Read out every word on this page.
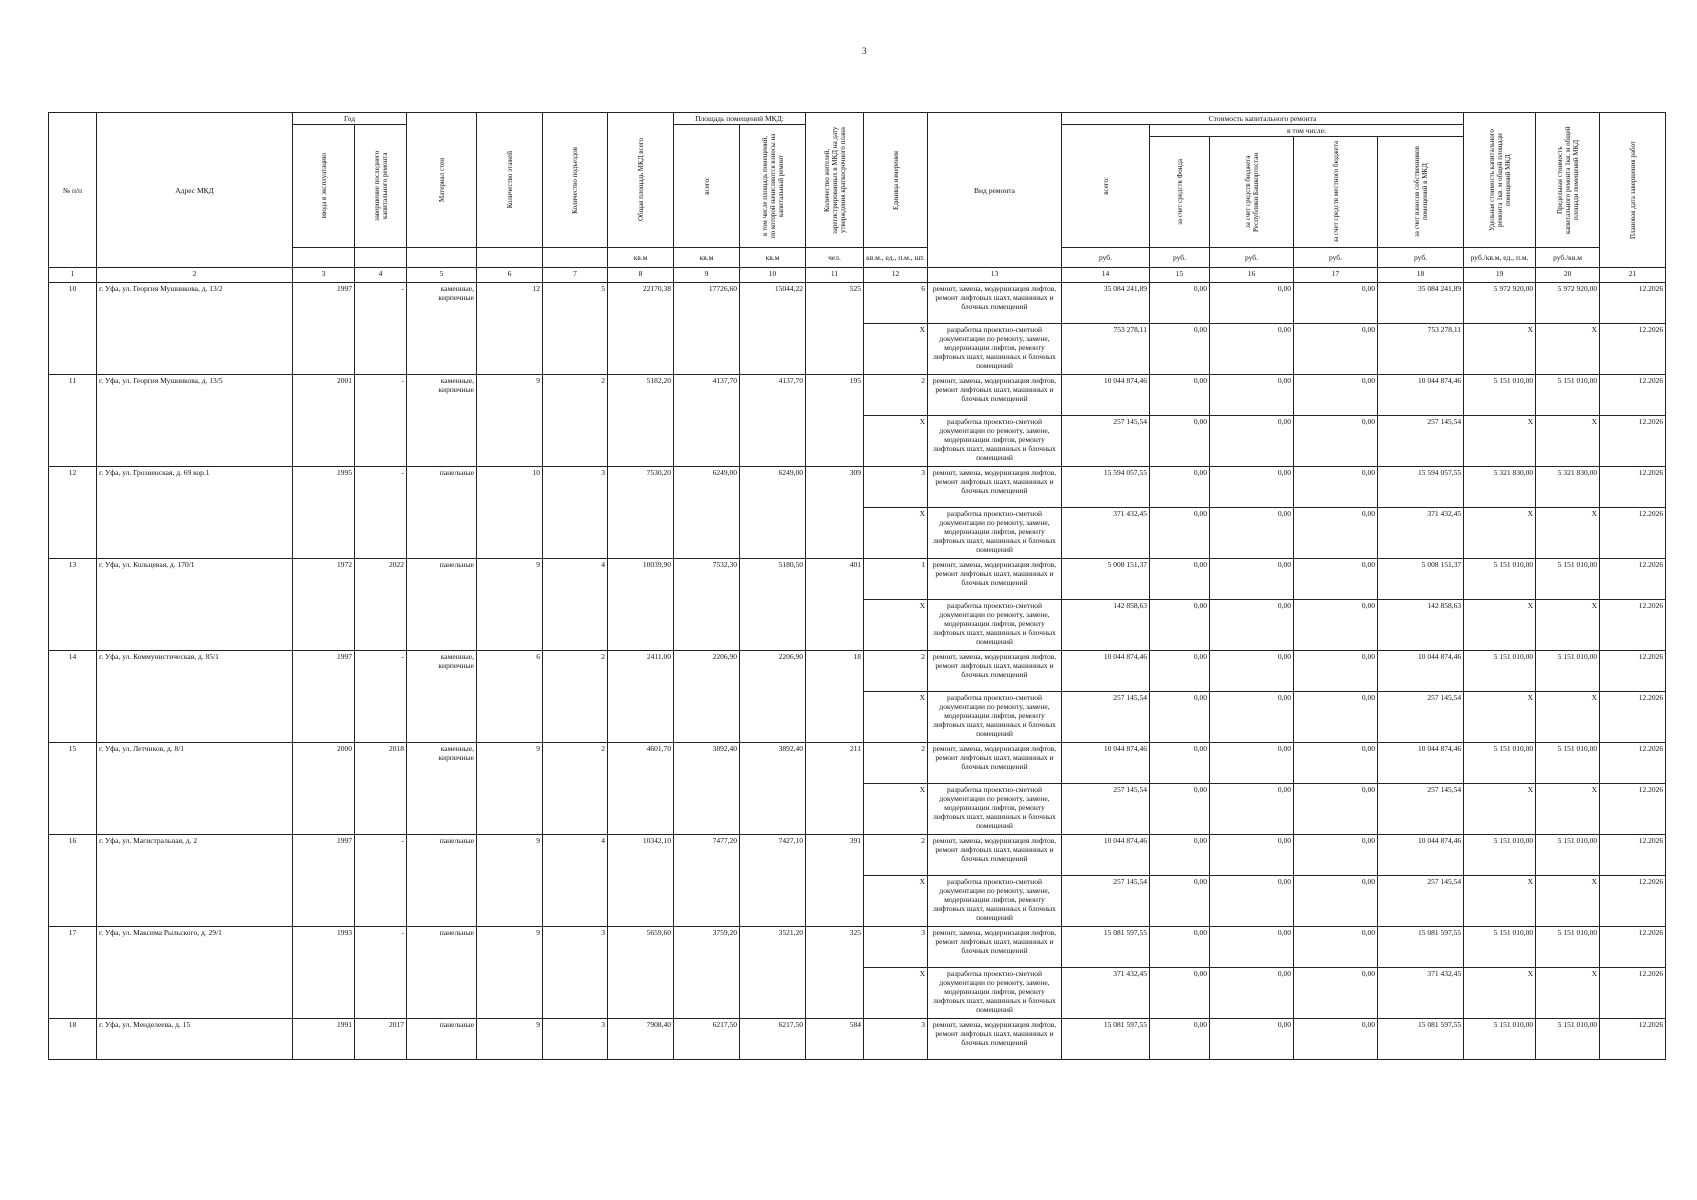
3
№ п/п	Адрес МКД	Год		Материал стен	Количество этажей	Количество подъездов	Общая площадь МКД всего	Площадь помещений МКД:		Количество жителей, зарегистрированных в МКД на дату утверждения краткосрочного плана	Единица измерения	Вид ремонта	Стоимость капитального ремонта					Удельная стоимость капитального ремонта 1кв. м общей площади помещений МКД	Предельная стоимость капитального ремонта 1кв. м общей площади помещений МКД	Плановая дата завершения работ

		ввода в эксплуатацию	завершение последнего капитального ремонта					всего:	в том числе площадь помещений, по которой начисляются взносы на капитальный ремонт				всего:	в том числе:						

														за счет средств Фонда	за счет средств бюджета Республики Башкортостан	за счет средств местного бюджета	за счет взносов собственников помещений в МКД			

							кв.м	кв.м	кв.м	чел.	кв.м., ед., п.м., шт.		руб.	руб.	руб.	руб.	руб.	руб./кв.м, ед., п.м.	руб./кв.м	
1	2	3	4	5	6	7	8	9	10	11	12	13	14	15	16	17	18	19	20	21
10	г. Уфа, ул. Георгия Мушникова, д. 13/2	1997	-	каменные, кирпичные	12	5	22170,38	17726,60	15044,22	525	6	ремонт, замена, модернизация лифтов, ремонт лифтовых шахт, машинных и блочных помещений	35 084 241,89	0,00	0,00	0,00	35 084 241,89	5 972 920,00	5 972 920,00	12.2026
											X	разработка проектно-сметной документации по ремонту, замене, модернизации лифтов, ремонту лифтовых шахт, машинных и блочных помещений	753 278,11	0,00	0,00	0,00	753 278,11	X	X	12.2026
11	г. Уфа, ул. Георгия Мушникова, д. 13/5	2001	-	каменные, кирпичные	9	2	5182,20	4137,70	4137,70	195	2	ремонт, замена, модернизация лифтов, ремонт лифтовых шахт, машинных и блочных помещений	10 044 874,46	0,00	0,00	0,00	10 044 874,46	5 151 010,00	5 151 010,00	12.2026
											X	разработка проектно-сметной документации по ремонту, замене, модернизации лифтов, ремонту лифтовых шахт, машинных и блочных помещений	257 145,54	0,00	0,00	0,00	257 145,54	X	X	12.2026
12	г. Уфа, ул. Грозненская, д. 69 кор.1	1995	-	панельные	10	3	7530,20	6249,00	6249,00	309	3	ремонт, замена, модернизация лифтов, ремонт лифтовых шахт, машинных и блочных помещений	15 594 057,55	0,00	0,00	0,00	15 594 057,55	5 321 830,00	5 321 830,00	12.2026
											X	разработка проектно-сметной документации по ремонту, замене, модернизации лифтов, ремонту лифтовых шахт, машинных и блочных помещений	371 432,45	0,00	0,00	0,00	371 432,45	X	X	12.2026
13	г. Уфа, ул. Кольцевая, д. 170/1	1972	2022	панельные	9	4	10039,90	7532,30	5180,50	401	1	ремонт, замена, модернизация лифтов, ремонт лифтовых шахт, машинных и блочных помещений	5 008 151,37	0,00	0,00	0,00	5 008 151,37	5 151 010,00	5 151 010,00	12.2026
											X	разработка проектно-сметной документации по ремонту, замене, модернизации лифтов, ремонту лифтовых шахт, машинных и блочных помещений	142 858,63	0,00	0,00	0,00	142 858,63	X	X	12.2026
14	г. Уфа, ул. Коммунистическая, д. 85/1	1997	-	каменные, кирпичные	6	2	2411,00	2206,90	2206,90	18	2	ремонт, замена, модернизация лифтов, ремонт лифтовых шахт, машинных и блочных помещений	10 044 874,46	0,00	0,00	0,00	10 044 874,46	5 151 010,00	5 151 010,00	12.2026
											X	разработка проектно-сметной документации по ремонту, замене, модернизации лифтов, ремонту лифтовых шахт, машинных и блочных помещений	257 145,54	0,00	0,00	0,00	257 145,54	X	X	12.2026
15	г. Уфа, ул. Летчиков, д. 8/1	2000	2018	каменные, кирпичные	9	2	4601,70	3892,40	3892,40	211	2	ремонт, замена, модернизация лифтов, ремонт лифтовых шахт, машинных и блочных помещений	10 044 874,46	0,00	0,00	0,00	10 044 874,46	5 151 010,00	5 151 010,00	12.2026
											X	разработка проектно-сметной документации по ремонту, замене, модернизации лифтов, ремонту лифтовых шахт, машинных и блочных помещений	257 145,54	0,00	0,00	0,00	257 145,54	X	X	12.2026
16	г. Уфа, ул. Магистральная, д. 2	1997	-	панельные	9	4	10342,10	7477,20	7427,10	391	2	ремонт, замена, модернизация лифтов, ремонт лифтовых шахт, машинных и блочных помещений	10 044 874,46	0,00	0,00	0,00	10 044 874,46	5 151 010,00	5 151 010,00	12.2026
											X	разработка проектно-сметной документации по ремонту, замене, модернизации лифтов, ремонту лифтовых шахт, машинных и блочных помещений	257 145,54	0,00	0,00	0,00	257 145,54	X	X	12.2026
17	г. Уфа, ул. Максима Рыльского, д. 29/1	1993	-	панельные	9	3	5659,60	3759,20	3521,20	325	3	ремонт, замена, модернизация лифтов, ремонт лифтовых шахт, машинных и блочных помещений	15 081 597,55	0,00	0,00	0,00	15 081 597,55	5 151 010,00	5 151 010,00	12.2026
											X	разработка проектно-сметной документации по ремонту, замене, модернизации лифтов, ремонту лифтовых шахт, машинных и блочных помещений	371 432,45	0,00	0,00	0,00	371 432,45	X	X	12.2026
18	г. Уфа, ул. Менделеева, д. 15	1991	2017	панельные	9	3	7908,40	6217,50	6217,50	584	3	ремонт, замена, модернизация лифтов, ремонт лифтовых шахт, машинных и блочных помещений	15 081 597,55	0,00	0,00	0,00	15 081 597,55	5 151 010,00	5 151 010,00	12.2026
